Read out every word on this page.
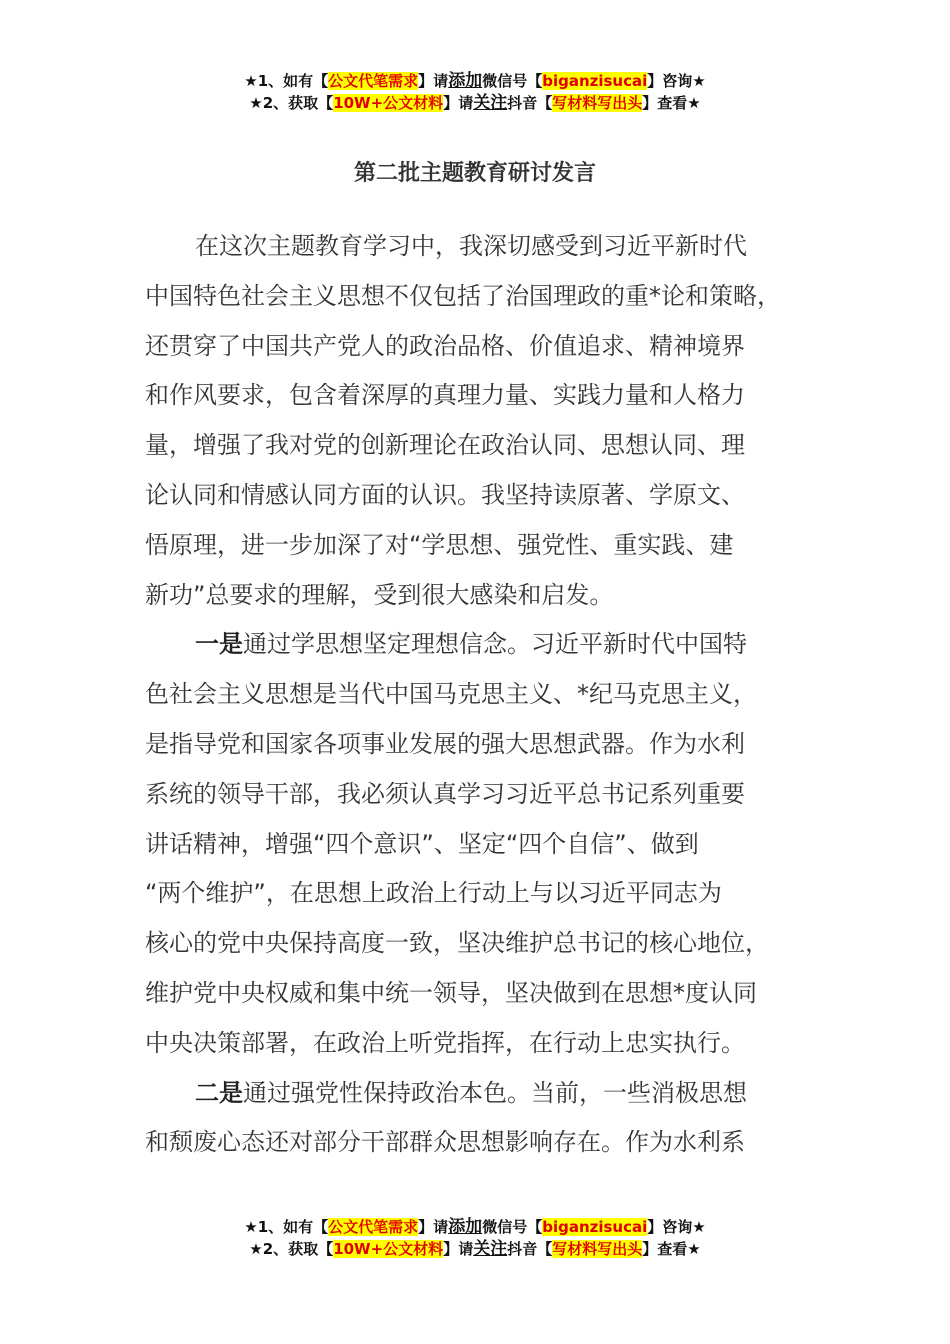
★1、如有【公文代笔需求】请添加微信号【biganzisucai】咨询★
★2、获取【10W+公文材料】请关注抖音【写材料写出头】查看★
第二批主题教育研讨发言
在这次主题教育学习中，我深切感受到习近平新时代
中国特色社会主义思想不仅包括了治国理政的重*论和策略，
还贯穿了中国共产党人的政治品格、价值追求、精神境界
和作风要求，包含着深厚的真理力量、实践力量和人格力
量，增强了我对党的创新理论在政治认同、思想认同、理
论认同和情感认同方面的认识。我坚持读原著、学原文、
悟原理，进一步加深了对“学思想、强党性、重实践、建
新功”总要求的理解，受到很大感染和启发。
一是通过学思想坚定理想信念。习近平新时代中国特
色社会主义思想是当代中国马克思主义、*纪马克思主义，
是指导党和国家各项事业发展的强大思想武器。作为水利
系统的领导干部，我必须认真学习习近平总书记系列重要
讲话精神，增强“四个意识”、坚定“四个自信”、做到
“两个维护”，在思想上政治上行动上与以习近平同志为
核心的党中央保持高度一致，坚决维护总书记的核心地位，
维护党中央权威和集中统一领导，坚决做到在思想*度认同
中央决策部署，在政治上听党指挥，在行动上忠实执行。
二是通过强党性保持政治本色。当前，一些消极思想
和颓废心态还对部分干部群众思想影响存在。作为水利系
★1、如有【公文代笔需求】请添加微信号【biganzisucai】咨询★
★2、获取【10W+公文材料】请关注抖音【写材料写出头】查看★
